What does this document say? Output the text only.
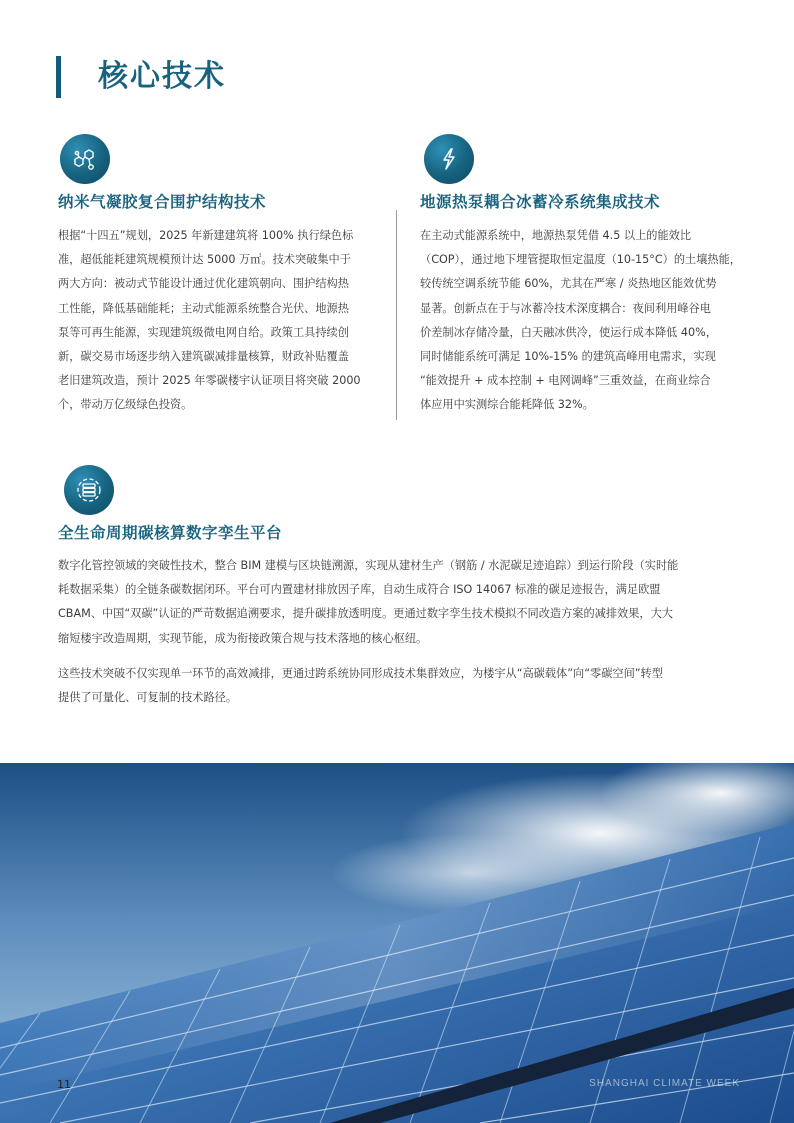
核心技术
纳米气凝胶复合围护结构技术
根据“十四五”规划，2025 年新建建筑将 100% 执行绿色标
准，超低能耗建筑规模预计达 5000 万㎡。技术突破集中于
两大方向：被动式节能设计通过优化建筑朝向、围护结构热
工性能，降低基础能耗；主动式能源系统整合光伏、地源热
泵等可再生能源，实现建筑级微电网自给。政策工具持续创
新，碳交易市场逐步纳入建筑碳减排量核算，财政补贴覆盖
老旧建筑改造，预计 2025 年零碳楼宇认证项目将突破 2000
个，带动万亿级绿色投资。
地源热泵耦合冰蓄冷系统集成技术
在主动式能源系统中，地源热泵凭借 4.5 以上的能效比
（COP），通过地下埋管提取恒定温度（10-15°C）的土壤热能，
较传统空调系统节能 60%，尤其在严寒 / 炎热地区能效优势
显著。创新点在于与冰蓄冷技术深度耦合：夜间利用峰谷电
价差制冰存储冷量，白天融冰供冷，使运行成本降低 40%，
同时储能系统可满足 10%-15% 的建筑高峰用电需求，实现
“能效提升 + 成本控制 + 电网调峰”三重效益，在商业综合
体应用中实测综合能耗降低 32%。
全生命周期碳核算数字孪生平台
数字化管控领域的突破性技术，整合 BIM 建模与区块链溯源，实现从建材生产（钢筋 / 水泥碳足迹追踪）到运行阶段（实时能
耗数据采集）的全链条碳数据闭环。平台可内置建材排放因子库，自动生成符合 ISO 14067 标准的碳足迹报告，满足欧盟
CBAM、中国“双碳”认证的严苛数据追溯要求，提升碳排放透明度。更通过数字孪生技术模拟不同改造方案的减排效果，大大
缩短楼宇改造周期，实现节能，成为衔接政策合规与技术落地的核心枢纽。
这些技术突破不仅实现单一环节的高效减排，更通过跨系统协同形成技术集群效应，为楼宇从“高碳载体”向“零碳空间”转型
提供了可量化、可复制的技术路径。
11	SHANGHAI CLIMATE WEEK
